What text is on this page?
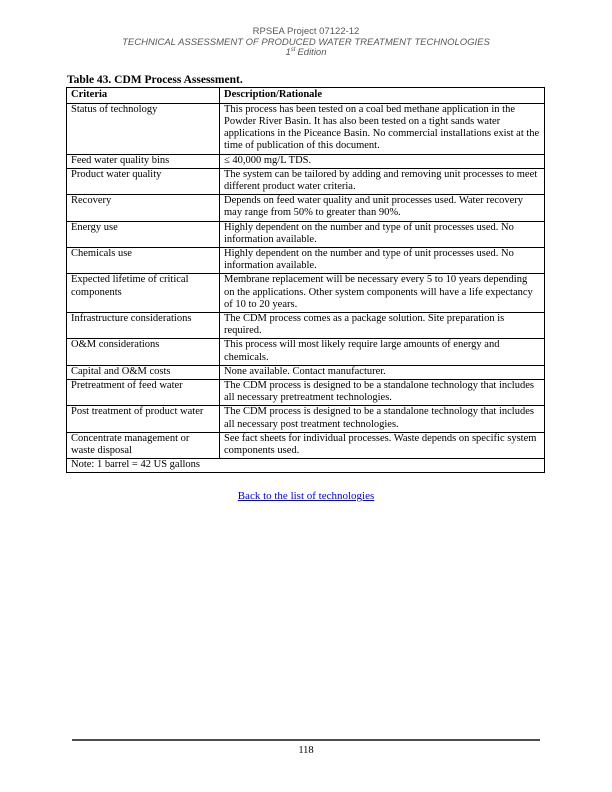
RPSEA Project 07122-12
TECHNICAL ASSESSMENT OF PRODUCED WATER TREATMENT TECHNOLOGIES
1st Edition
Table 43. CDM Process Assessment.
Criteria	Description/Rationale
Status of technology	This process has been tested on a coal bed methane application in the Powder River Basin. It has also been tested on a tight sands water applications in the Piceance Basin. No commercial installations exist at the time of publication of this document.
Feed water quality bins	≤ 40,000 mg/L TDS.
Product water quality	The system can be tailored by adding and removing unit processes to meet different product water criteria.
Recovery	Depends on feed water quality and unit processes used. Water recovery may range from 50% to greater than 90%.
Energy use	Highly dependent on the number and type of unit processes used. No information available.
Chemicals use	Highly dependent on the number and type of unit processes used. No information available.
Expected lifetime of critical components	Membrane replacement will be necessary every 5 to 10 years depending on the applications. Other system components will have a life expectancy of 10 to 20 years.
Infrastructure considerations	The CDM process comes as a package solution. Site preparation is required.
O&M considerations	This process will most likely require large amounts of energy and chemicals.
Capital and O&M costs	None available. Contact manufacturer.
Pretreatment of feed water	The CDM process is designed to be a standalone technology that includes all necessary pretreatment technologies.
Post treatment of product water	The CDM process is designed to be a standalone technology that includes all necessary post treatment technologies.
Concentrate management or waste disposal	See fact sheets for individual processes. Waste depends on specific system components used.
Note: 1 barrel = 42 US gallons	
Back to the list of technologies
118
